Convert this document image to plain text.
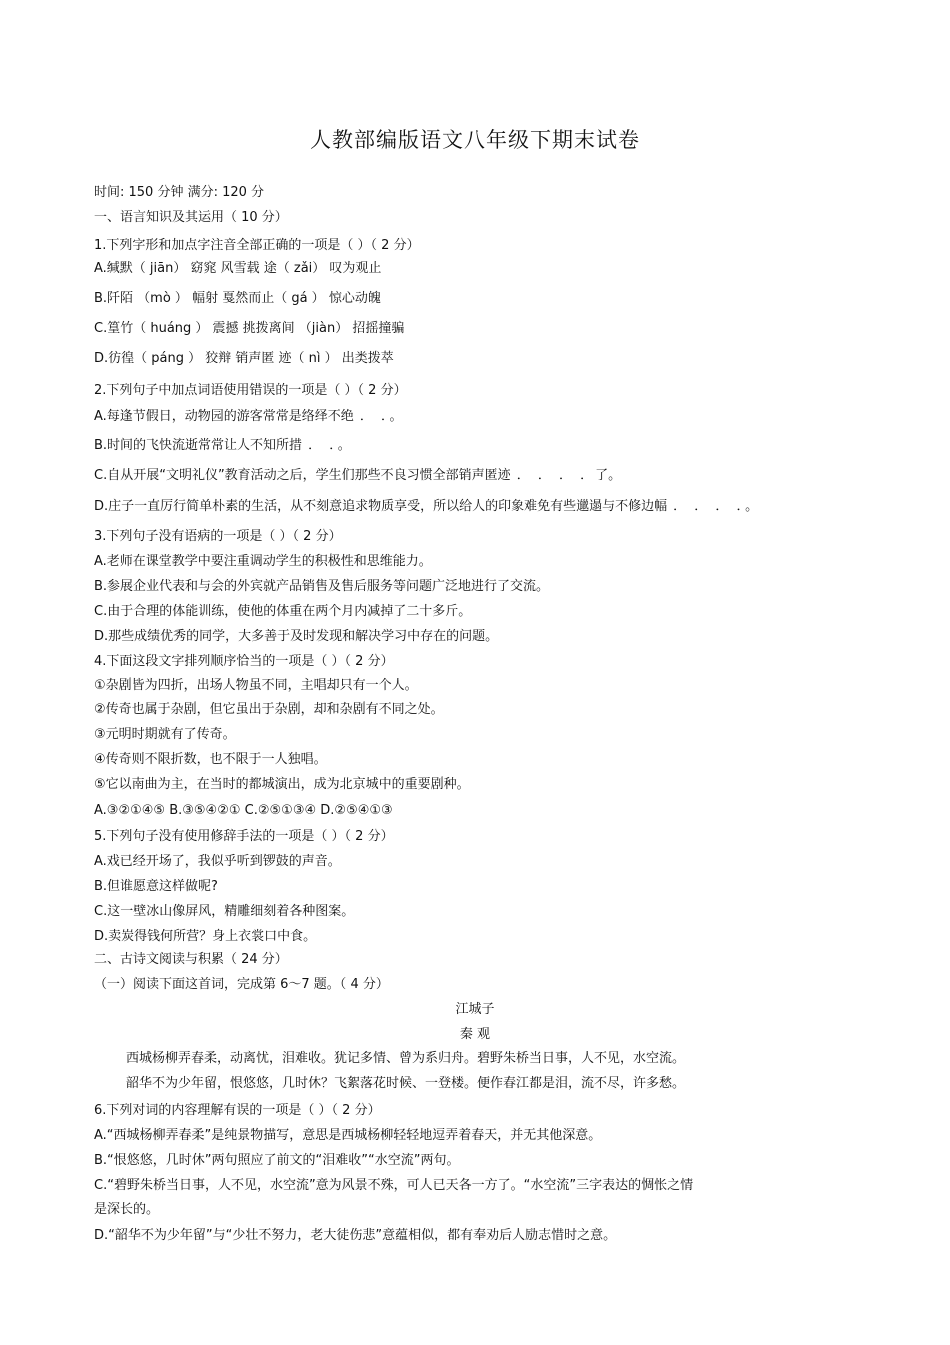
人教部编版语文八年级下期末试卷
时间: 150 分钟 满分: 120 分
一、语言知识及其运用（ 10 分）
1.下列字形和加点字注音全部正确的一项是（ ）（ 2 分）
A.缄默（ jiān） 窈窕 风雪载 途（ zǎi） 叹为观止
B.阡陌 （mò ） 幅射 戛然而止（ gá ） 惊心动魄
C.篁竹（ huáng ） 震撼 挑拨离间 （jiàn） 招摇撞骗
D.彷徨（ páng ） 狡辩 销声匿 迹（ nì ） 出类拨萃
2.下列句子中加点词语使用错误的一项是（ ）（ 2 分）
A.每逢节假日，动物园的游客常常是络绎不绝 ． ．。
B.时间的飞快流逝常常让人不知所措 ． ．。
C.自从开展“文明礼仪”教育活动之后，学生们那些不良习惯全部销声匿迹 ． ． ． ．了。
D.庄子一直厉行简单朴素的生活，从不刻意追求物质享受，所以给人的印象难免有些邋遢与不修边幅 ． ． ． ．。
3.下列句子没有语病的一项是（ ）（ 2 分）
A.老师在课堂教学中要注重调动学生的积极性和思维能力。
B.参展企业代表和与会的外宾就产品销售及售后服务等问题广泛地进行了交流。
C.由于合理的体能训练，使他的体重在两个月内减掉了二十多斤。
D.那些成绩优秀的同学，大多善于及时发现和解决学习中存在的问题。
4.下面这段文字排列顺序恰当的一项是（ ）（ 2 分）
①杂剧皆为四折，出场人物虽不同，主唱却只有一个人。
②传奇也属于杂剧，但它虽出于杂剧，却和杂剧有不同之处。
③元明时期就有了传奇。
④传奇则不限折数，也不限于一人独唱。
⑤它以南曲为主，在当时的都城演出，成为北京城中的重要剧种。
A.③②①④⑤ B.③⑤④②① C.②⑤①③④ D.②⑤④①③
5.下列句子没有使用修辞手法的一项是（ ）（ 2 分）
A.戏已经开场了，我似乎听到锣鼓的声音。
B.但谁愿意这样做呢?
C.这一壁冰山像屏风，精雕细刻着各种图案。
D.卖炭得钱何所营？身上衣裳口中食。
二、古诗文阅读与积累（ 24 分）
（一）阅读下面这首词，完成第 6～7 题。（ 4 分）
江城子
秦 观
西城杨柳弄春柔，动离忧，泪难收。犹记多情、曾为系归舟。碧野朱桥当日事，人不见，水空流。
韶华不为少年留，恨悠悠，几时休？飞絮落花时候、一登楼。便作春江都是泪，流不尽，许多愁。
6.下列对词的内容理解有误的一项是（ ）（ 2 分）
A.“西城杨柳弄春柔”是纯景物描写，意思是西城杨柳轻轻地逗弄着春天，并无其他深意。
B.“恨悠悠，几时休”两句照应了前文的“泪难收”“水空流”两句。
C.“碧野朱桥当日事，人不见，水空流”意为风景不殊，可人已天各一方了。“水空流”三字表达的惆怅之情
是深长的。
D.“韶华不为少年留”与“少壮不努力，老大徒伤悲”意蕴相似，都有奉劝后人励志惜时之意。
